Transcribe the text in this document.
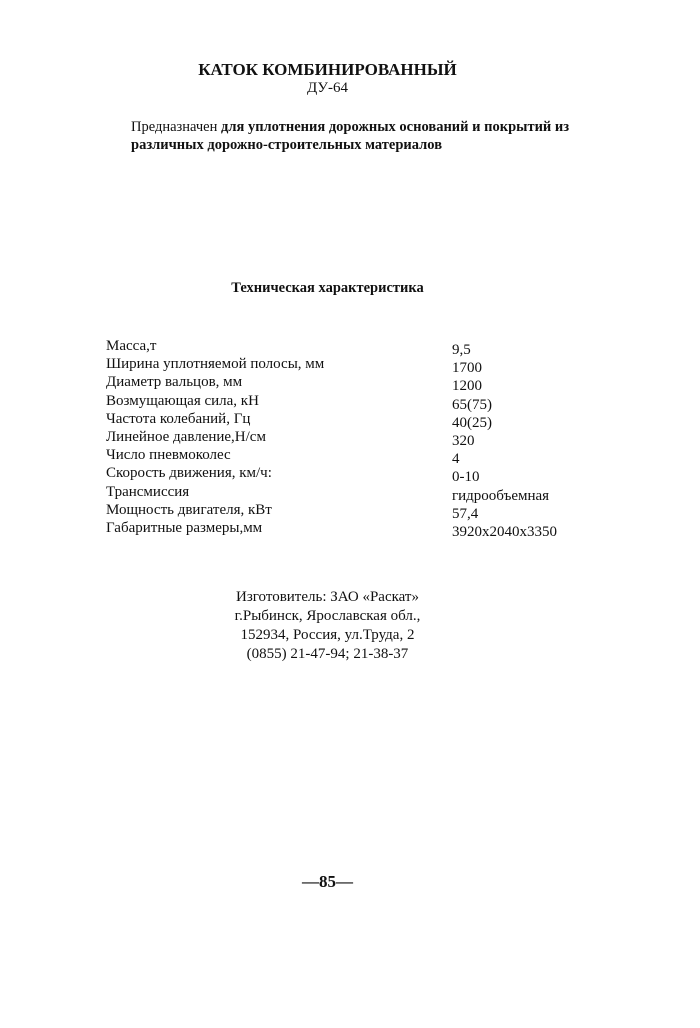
КАТОК КОМБИНИРОВАННЫЙ
ДУ-64
Предназначен для уплотнения дорожных оснований и покрытий из различных дорожно-строительных материалов
Техническая характеристика
Масса,т	9,5
Ширина уплотняемой полосы, мм	1700
Диаметр вальцов, мм	1200
Возмущающая сила, кН	65(75)
Частота колебаний, Гц	40(25)
Линейное давление,Н/см	320
Число пневмоколес	4
Скорость движения, км/ч:	0-10
Трансмиссия	гидрообъемная
Мощность двигателя, кВт	57,4
Габаритные размеры,мм	3920x2040x3350
Изготовитель: ЗАО «Раскат»
г.Рыбинск, Ярославская обл.,
152934, Россия, ул.Труда, 2
(0855) 21-47-94; 21-38-37
—85—
